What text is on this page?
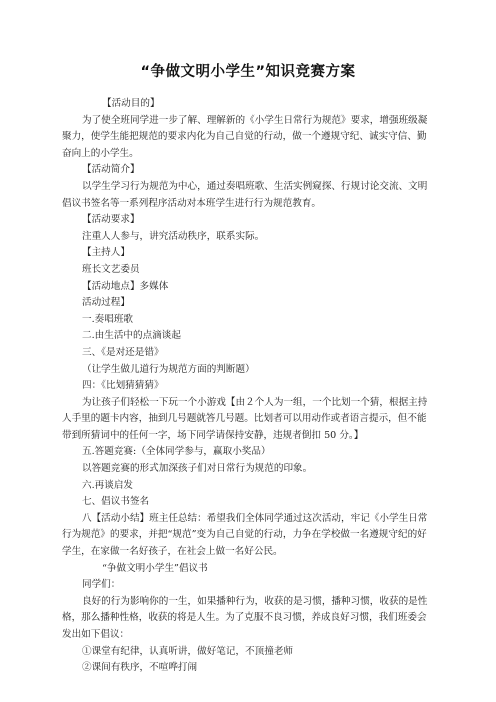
“争做文明小学生”知识竞赛方案

【活动目的】

为了使全班同学进一步了解、理解新的《小学生日常行为规范》要求，增强班级凝聚力，使学生能把规范的要求内化为自己自觉的行动，做一个遵规守纪、诚实守信、勤奋向上的小学生。

【活动简介】

以学生学习行为规范为中心，通过奏唱班歌、生活实例窥探、行规讨论交流、文明倡议书签名等一系列程序活动对本班学生进行行为规范教育。

【活动要求】

注重人人参与，讲究活动秩序，联系实际。

【主持人】

班长文艺委员

【活动地点】多媒体

活动过程】

一.奏唱班歌

二.由生活中的点滴谈起

三、《是对还是错》

（让学生做儿道行为规范方面的判断题）

四：《比划猜猜猜》

为让孩子们轻松一下玩一个小游戏【由２个人为一组，一个比划一个猜，根据主持人手里的题卡内容，抽到几号题就答几号题。比划者可以用动作或者语言提示，但不能带到所猜词中的任何一字，场下同学请保持安静，违规者倒扣 50 分。】

五.答题竞赛:（全体同学参与，赢取小奖品）

以答题竞赛的形式加深孩子们对日常行为规范的印象。

六.再谈启发

七、倡议书签名

八【活动小结】班主任总结：希望我们全体同学通过这次活动，牢记《小学生日常行为规范》的要求，并把“规范”变为自己自觉的行动，力争在学校做一名遵规守纪的好学生，在家做一名好孩子，在社会上做一名好公民。

“争做文明小学生”倡议书

同学们：

良好的行为影响你的一生，如果播种行为，收获的是习惯，播种习惯，收获的是性格，那么播种性格，收获的将是人生。为了克服不良习惯，养成良好习惯，我们班委会发出如下倡议：

①课堂有纪律，认真听讲，做好笔记，不顶撞老师

②课间有秩序，不喧哗打闹
